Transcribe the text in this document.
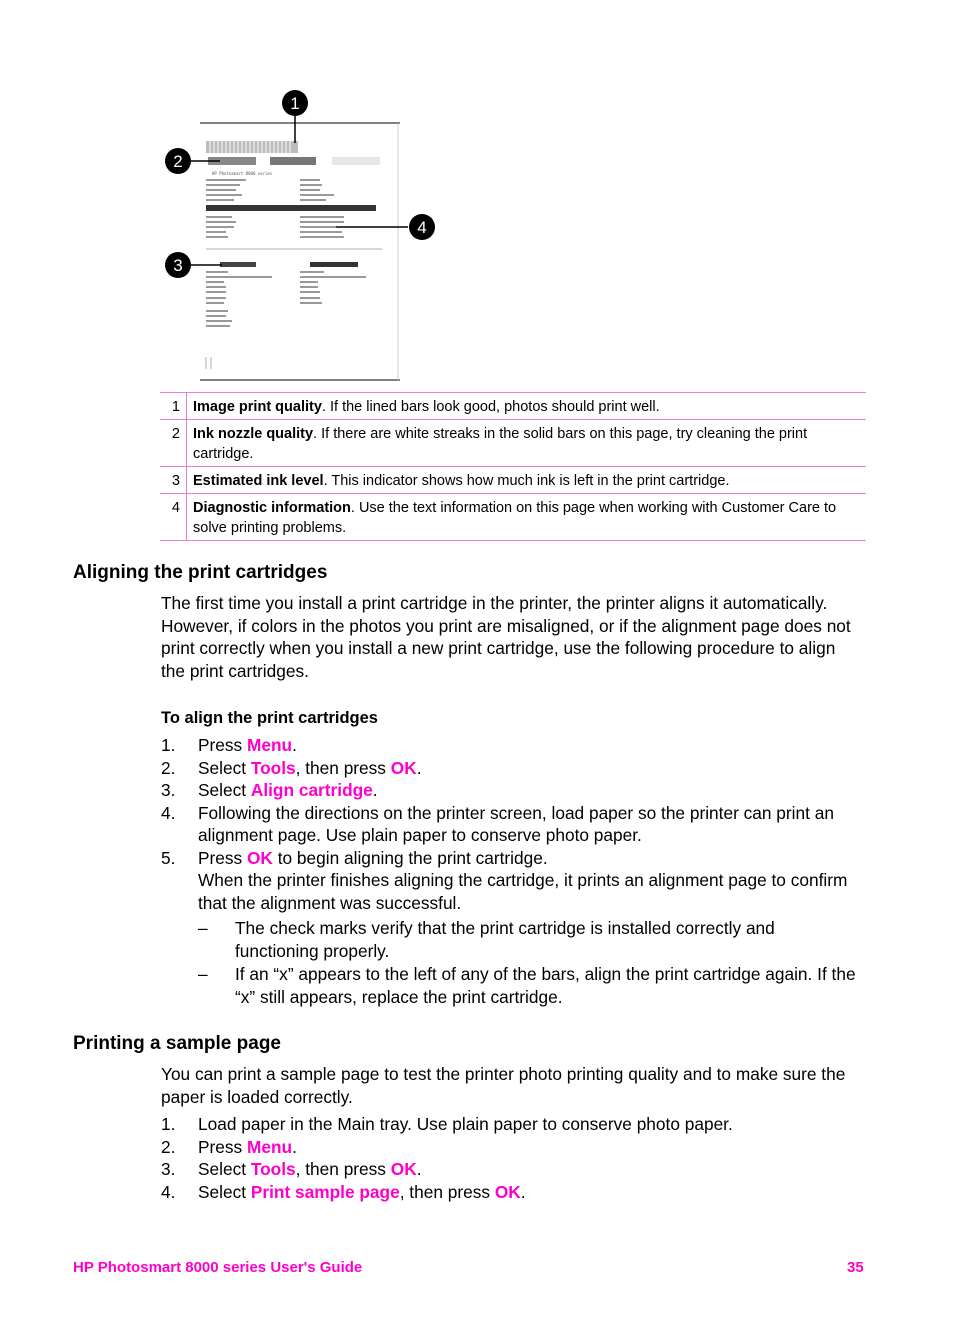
HP Photosmart 8000 series
1
2
3
4
1	Image print quality. If the lined bars look good, photos should print well.
2	Ink nozzle quality. If there are white streaks in the solid bars on this page, try cleaning the print cartridge.
3	Estimated ink level. This indicator shows how much ink is left in the print cartridge.
4	Diagnostic information. Use the text information on this page when working with Customer Care to solve printing problems.
Aligning the print cartridges

The first time you install a print cartridge in the printer, the printer aligns it automatically. However, if colors in the photos you print are misaligned, or if the alignment page does not print correctly when you install a new print cartridge, use the following procedure to align the print cartridges.

To align the print cartridges
1. Press Menu.
2. Select Tools, then press OK.
3. Select Align cartridge.
4. Following the directions on the printer screen, load paper so the printer can print an alignment page. Use plain paper to conserve photo paper.
5. Press OK to begin aligning the print cartridge.
When the printer finishes aligning the cartridge, it prints an alignment page to confirm that the alignment was successful.
– The check marks verify that the print cartridge is installed correctly and functioning properly.
– If an “x” appears to the left of any of the bars, align the print cartridge again. If the “x” still appears, replace the print cartridge.
Printing a sample page

You can print a sample page to test the printer photo printing quality and to make sure the paper is loaded correctly.

1. Load paper in the Main tray. Use plain paper to conserve photo paper.
2. Press Menu.
3. Select Tools, then press OK.
4. Select Print sample page, then press OK.
HP Photosmart 8000 series User's Guide	35
